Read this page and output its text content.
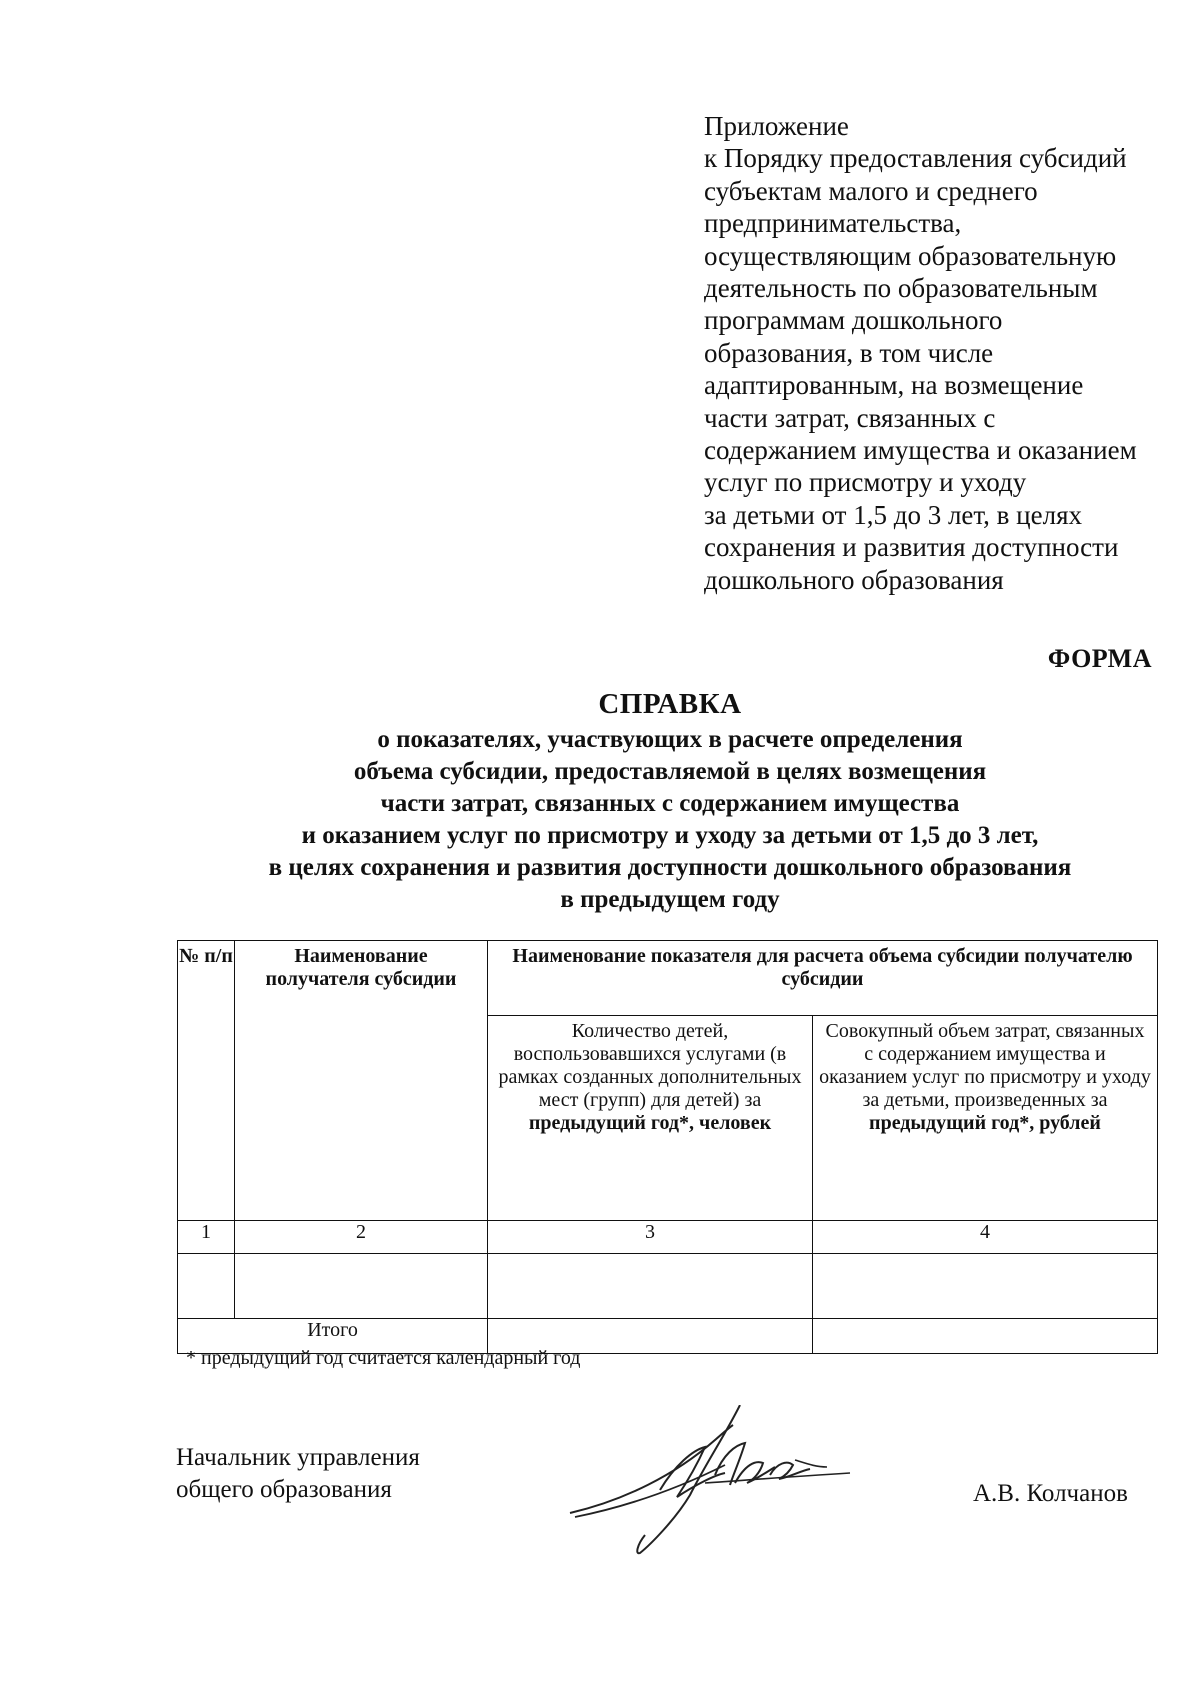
Приложение
к Порядку предоставления субсидий
субъектам малого и среднего
предпринимательства,
осуществляющим образовательную
деятельность по образовательным
программам дошкольного
образования, в том числе
адаптированным, на возмещение
части затрат, связанных с
содержанием имущества и оказанием
услуг по присмотру и уходу
за детьми от 1,5 до 3 лет, в целях
сохранения и развития доступности
дошкольного образования
ФОРМА
СПРАВКА
о показателях, участвующих в расчете определения
объема субсидии, предоставляемой в целях возмещения
части затрат, связанных с содержанием имущества
и оказанием услуг по присмотру и уходу за детьми от 1,5 до 3 лет,
в целях сохранения и развития доступности дошкольного образования
в предыдущем году
№ п/п	Наименование получателя субсидии	Наименование показателя для расчета объема субсидии получателю субсидии	
		Количество детей, воспользовавшихся услугами (в рамках созданных дополнительных мест (групп) для детей) за предыдущий год*, человек	Совокупный объем затрат, связанных с содержанием имущества и оказанием услуг по присмотру и уходу за детьми, произведенных за предыдущий год*, рублей
1	2	3	4

Итого			
* предыдущий год считается календарный год
Начальник управления
общего образования	А.В. Колчанов
